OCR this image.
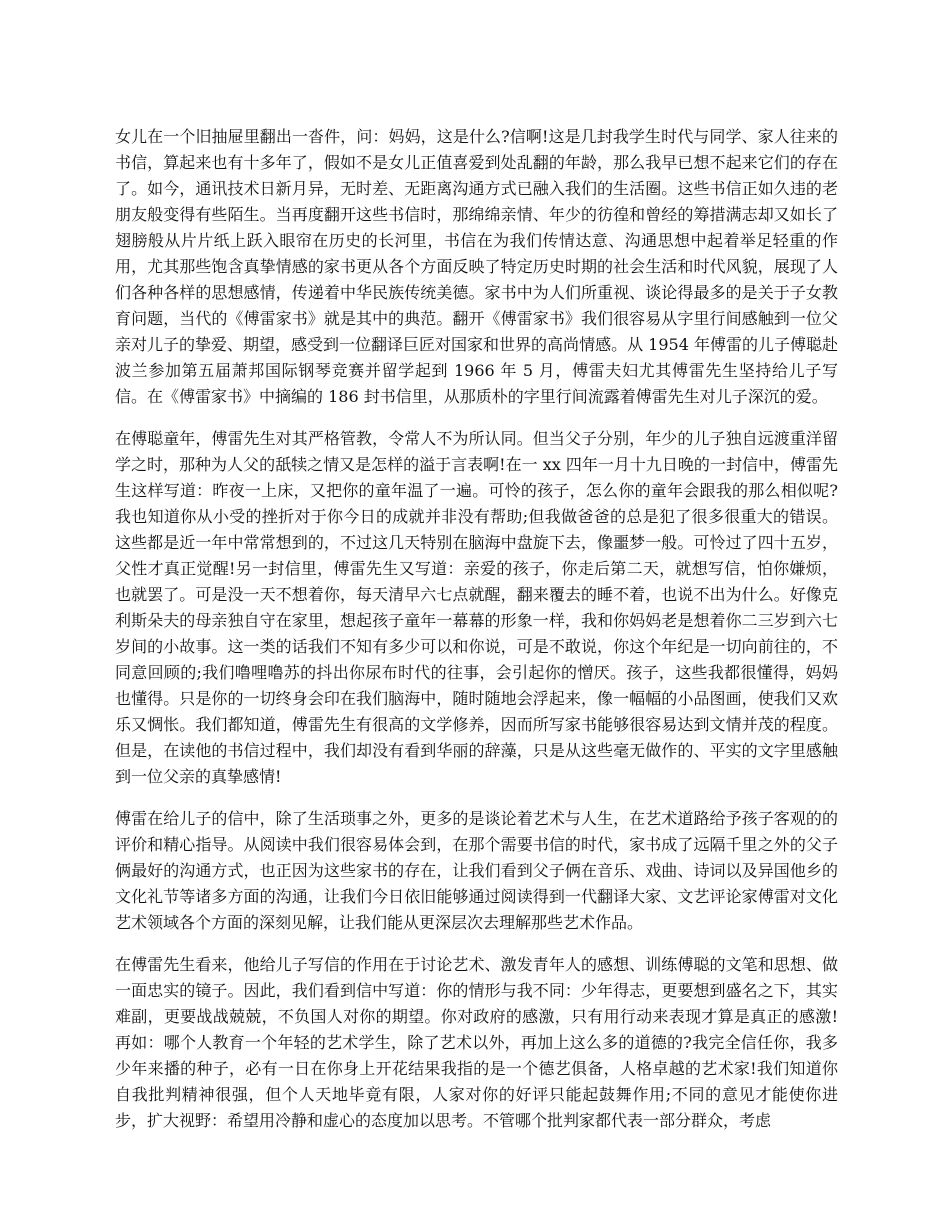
女儿在一个旧抽屉里翻出一沓件，问：妈妈，这是什么?信啊!这是几封我学生时代与同学、家人往来的书信，算起来也有十多年了，假如不是女儿正值喜爱到处乱翻的年龄，那么我早已想不起来它们的存在了。如今，通讯技术日新月异，无时差、无距离沟通方式已融入我们的生活圈。这些书信正如久违的老朋友般变得有些陌生。当再度翻开这些书信时，那绵绵亲情、年少的彷徨和曾经的筹措满志却又如长了翅膀般从片片纸上跃入眼帘在历史的长河里，书信在为我们传情达意、沟通思想中起着举足轻重的作用，尤其那些饱含真挚情感的家书更从各个方面反映了特定历史时期的社会生活和时代风貌，展现了人们各种各样的思想感情，传递着中华民族传统美德。家书中为人们所重视、谈论得最多的是关于子女教育问题，当代的《傅雷家书》就是其中的典范。翻开《傅雷家书》我们很容易从字里行间感触到一位父亲对儿子的挚爱、期望，感受到一位翻译巨匠对国家和世界的高尚情感。从 1954 年傅雷的儿子傅聪赴波兰参加第五届萧邦国际钢琴竞赛并留学起到 1966 年 5 月，傅雷夫妇尤其傅雷先生坚持给儿子写信。在《傅雷家书》中摘编的 186 封书信里，从那质朴的字里行间流露着傅雷先生对儿子深沉的爱。

在傅聪童年，傅雷先生对其严格管教，令常人不为所认同。但当父子分别，年少的儿子独自远渡重洋留学之时，那种为人父的舐犊之情又是怎样的溢于言表啊!在一 xx 四年一月十九日晚的一封信中，傅雷先生这样写道：昨夜一上床，又把你的童年温了一遍。可怜的孩子，怎么你的童年会跟我的那么相似呢?我也知道你从小受的挫折对于你今日的成就并非没有帮助;但我做爸爸的总是犯了很多很重大的错误。这些都是近一年中常常想到的，不过这几天特别在脑海中盘旋下去，像噩梦一般。可怜过了四十五岁，父性才真正觉醒!另一封信里，傅雷先生又写道：亲爱的孩子，你走后第二天，就想写信，怕你嫌烦，也就罢了。可是没一天不想着你，每天清早六七点就醒，翻来覆去的睡不着，也说不出为什么。好像克利斯朵夫的母亲独自守在家里，想起孩子童年一幕幕的形象一样，我和你妈妈老是想着你二三岁到六七岁间的小故事。这一类的话我们不知有多少可以和你说，可是不敢说，你这个年纪是一切向前往的，不同意回顾的;我们噜哩噜苏的抖出你尿布时代的往事，会引起你的憎厌。孩子，这些我都很懂得，妈妈也懂得。只是你的一切终身会印在我们脑海中，随时随地会浮起来，像一幅幅的小品图画，使我们又欢乐又惆怅。我们都知道，傅雷先生有很高的文学修养，因而所写家书能够很容易达到文情并茂的程度。但是，在读他的书信过程中，我们却没有看到华丽的辞藻，只是从这些毫无做作的、平实的文字里感触到一位父亲的真挚感情!

傅雷在给儿子的信中，除了生活琐事之外，更多的是谈论着艺术与人生，在艺术道路给予孩子客观的的评价和精心指导。从阅读中我们很容易体会到，在那个需要书信的时代，家书成了远隔千里之外的父子俩最好的沟通方式，也正因为这些家书的存在，让我们看到父子俩在音乐、戏曲、诗词以及异国他乡的文化礼节等诸多方面的沟通，让我们今日依旧能够通过阅读得到一代翻译大家、文艺评论家傅雷对文化艺术领域各个方面的深刻见解，让我们能从更深层次去理解那些艺术作品。

在傅雷先生看来，他给儿子写信的作用在于讨论艺术、激发青年人的感想、训练傅聪的文笔和思想、做一面忠实的镜子。因此，我们看到信中写道：你的情形与我不同：少年得志，更要想到盛名之下，其实难副，更要战战兢兢，不负国人对你的期望。你对政府的感激，只有用行动来表现才算是真正的感激!再如：哪个人教育一个年轻的艺术学生，除了艺术以外，再加上这么多的道德的?我完全信任你，我多少年来播的种子，必有一日在你身上开花结果我指的是一个德艺俱备，人格卓越的艺术家!我们知道你自我批判精神很强，但个人天地毕竟有限，人家对你的好评只能起鼓舞作用;不同的意见才能使你进步，扩大视野：希望用冷静和虚心的态度加以思考。不管哪个批判家都代表一部分群众，考虑
